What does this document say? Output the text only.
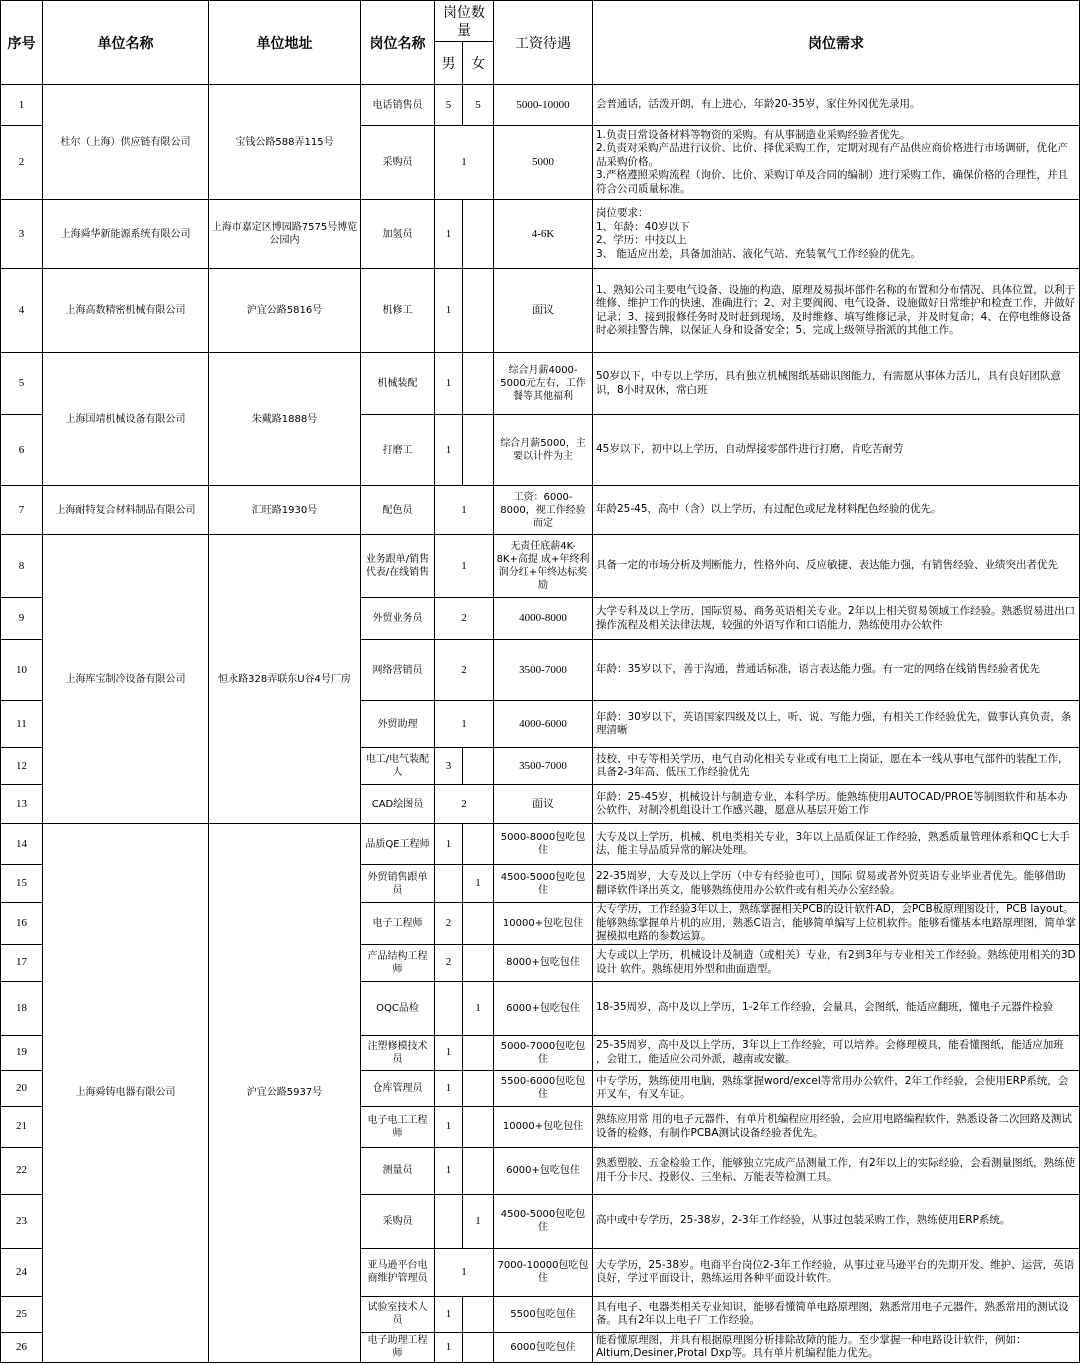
序号	单位名称	单位地址	岗位名称	岗位数量		工资待遇	岗位需求
				男	女		
1	杜尔（上海）供应链有限公司	宝钱公路588弄115号	电话销售员	5	5	5000-10000	会普通话，活泼开朗，有上进心，年龄20-35岁，家住外冈优先录用。
2			采购员	1		5000	1.负责日常设备材料等物资的采购。有从事制造业采购经验者优先。
2.负责对采购产品进行议价、比价、择优采购工作，定期对现有产品供应商价格进行市场调研，优化产品采购价格。
3.严格遵照采购流程（询价、比价、采购订单及合同的编制）进行采购工作，确保价格的合理性，并且符合公司质量标准。
3	上海舜华新能源系统有限公司	上海市嘉定区博园路7575号博览公园内	加氢员	1		4-6K	岗位要求：
1、年龄：40岁以下
2、学历：中技以上
3、 能适应出差，具备加油站、液化气站、充装氧气工作经验的优先。
4	上海高数精密机械有限公司	沪宜公路5816号	机修工	1		面议	1、熟知公司主要电气设备、设施的构造、原理及易损坏部件名称的布置和分布情况、具体位置，以利于维修、维护工作的快速、准确进行；2、对主要阀阀、电气设备、设施做好日常维护和检查工作，并做好记录；3、接到报修任务时及时赶到现场，及时维修、填写维修记录，并及时复命；4、在停电维修设备时必须挂警告牌，以保证人身和设备安全；5、完成上级领导指派的其他工作。
5	上海国靖机械设备有限公司	朱戴路1888号	机械装配	1		综合月薪4000-5000元左右，工作餐等其他福利	50岁以下，中专以上学历，具有独立机械图纸基础识图能力，有需愿从事体力活儿，具有良好团队意识，8小时双休，常白班
6			打磨工	1		综合月薪5000，主要以计件为主	45岁以下，初中以上学历，自动焊接零部件进行打磨，肯吃苦耐劳
7	上海耐特复合材料制品有限公司	汇旺路1930号	配色员	1		工资：6000-8000，视工作经验而定	年龄25-45，高中（含）以上学历，有过配色或尼龙材料配色经验的优先。
8	上海库宝制冷设备有限公司	恒永路328弄联东U谷4号厂房	业务跟单/销售代表/在线销售	1		无责任底薪4K-8K+高提 成+年终利润分红+年终达标奖励	具备一定的市场分析及判断能力，性格外向、反应敏捷、表达能力强，有销售经验、业绩突出者优先
9			外贸业务员	2		4000-8000	大学专科及以上学历，国际贸易、商务英语相关专业。2年以上相关贸易领域工作经验。熟悉贸易进出口操作流程及相关法律法规，较强的外语写作和口语能力，熟练使用办公软件
10			网络营销员	2		3500-7000	年龄：35岁以下，善于沟通，普通话标准，语言表达能力强。有一定的网络在线销售经验者优先
11			外贸助理	1		4000-6000	年龄：30岁以下，英语国家四级及以上，听、说、写能力强，有相关工作经验优先，做事认真负责，条理清晰
12			电工/电气装配人	3		3500-7000	技校、中专等相关学历，电气自动化相关专业或有电工上岗证，愿在本一线从事电气部件的装配工作，具备2-3年高、低压工作经验优先
13			CAD绘图员	2		面议	年龄：25-45岁，机械设计与制造专业，本科学历。能熟练使用AUTOCAD/PROE等制图软件和基本办公软件，对制冷机组设计工作感兴趣，愿意从基层开始工作
14	上海舜铸电器有限公司	沪宜公路5937号	品质QE工程师	1		5000-8000包吃包住	大专及以上学历，机械、机电类相关专业，3年以上品质保证工作经验，熟悉质量管理体系和QC七大手法，能主导品质异常的解决处理。
15			外贸销售跟单员		1	4500-5000包吃包住	22-35周岁，大专及以上学历（中专有经验也可），国际 贸易或者外贸英语专业毕业者优先。能够借助翻译软件译出英文，能够熟练使用办公软件或有相关办公室经验。
16			电子工程师	2		10000+包吃包住	大专学历，工作经验3年以上，熟练掌握相关PCB的设计软件AD，会PCB板原理图设计，PCB layout。能够熟练掌握单片机的应用，熟悉C语言，能够简单编写上位机软件。能够看懂基本电路原理图，简单掌握模拟电路的参数运算。
17			产品结构工程师	2		8000+包吃包住	大专或以上学历，机械设计及制造（或相关）专业，有2到3年与专业相关工作经验。熟练使用相关的3D设计 软件。熟练使用外型和曲面造型。
18			OQC品检		1	6000+包吃包住	18-35周岁，高中及以上学历，1-2年工作经验，会量具，会图纸，能适应翻班，懂电子元器件检验
19			注塑修模技术员	1		5000-7000包吃包住	25-35周岁，高中及以上学历，3年以上工作经验，可以培养。会修理模具，能看懂图纸，能适应加班 ，会钳工，能适应公司外派，越南或安徽。
20			仓库管理员	1		5500-6000包吃包住	中专学历，熟练使用电脑，熟练掌握word/excel等常用办公软件，2年工作经验，会使用ERP系统，会开叉车，有叉车证。
21			电子电工工程师	1		10000+包吃包住	熟练应用常 用的电子元器件，有单片机编程应用经验，会应用电路编程软件，熟悉设备二次回路及测试设备的检修，有制作PCBA测试设备经验者优先。
22			测量员	1		6000+包吃包住	熟悉塑胶、五金检验工作，能够独立完成产品测量工作，有2年以上的实际经验，会看测量图纸，熟练使用千分卡尺、投影仪、三坐标、万能表等检测工具。
23			采购员		1	4500-5000包吃包住	高中或中专学历，25-38岁，2-3年工作经验，从事过包装采购工作，熟练使用ERP系统。
24			亚马逊平台电商维护管理员	1		7000-10000包吃包住	大专学历，25-38岁。电商平台岗位2-3年工作经验，从事过亚马逊平台的先期开发、维护、运营，英语良好，学过平面设计，熟练运用各种平面设计软件。
25			试验室技术人员	1		5500包吃包住	具有电子、电器类相关专业知识，能够看懂简单电路原理图，熟悉常用电子元器件，熟悉常用的测试设备。具有2年以上电子厂工作经验。
26			电子助理工程师	1		6000包吃包住	能看懂原理图，并具有根据原理图分析排除故障的能力。至少掌握一种电路设计软件，例如：Altium,Desiner,Protal Dxp等。具有单片机编程能力优先。
